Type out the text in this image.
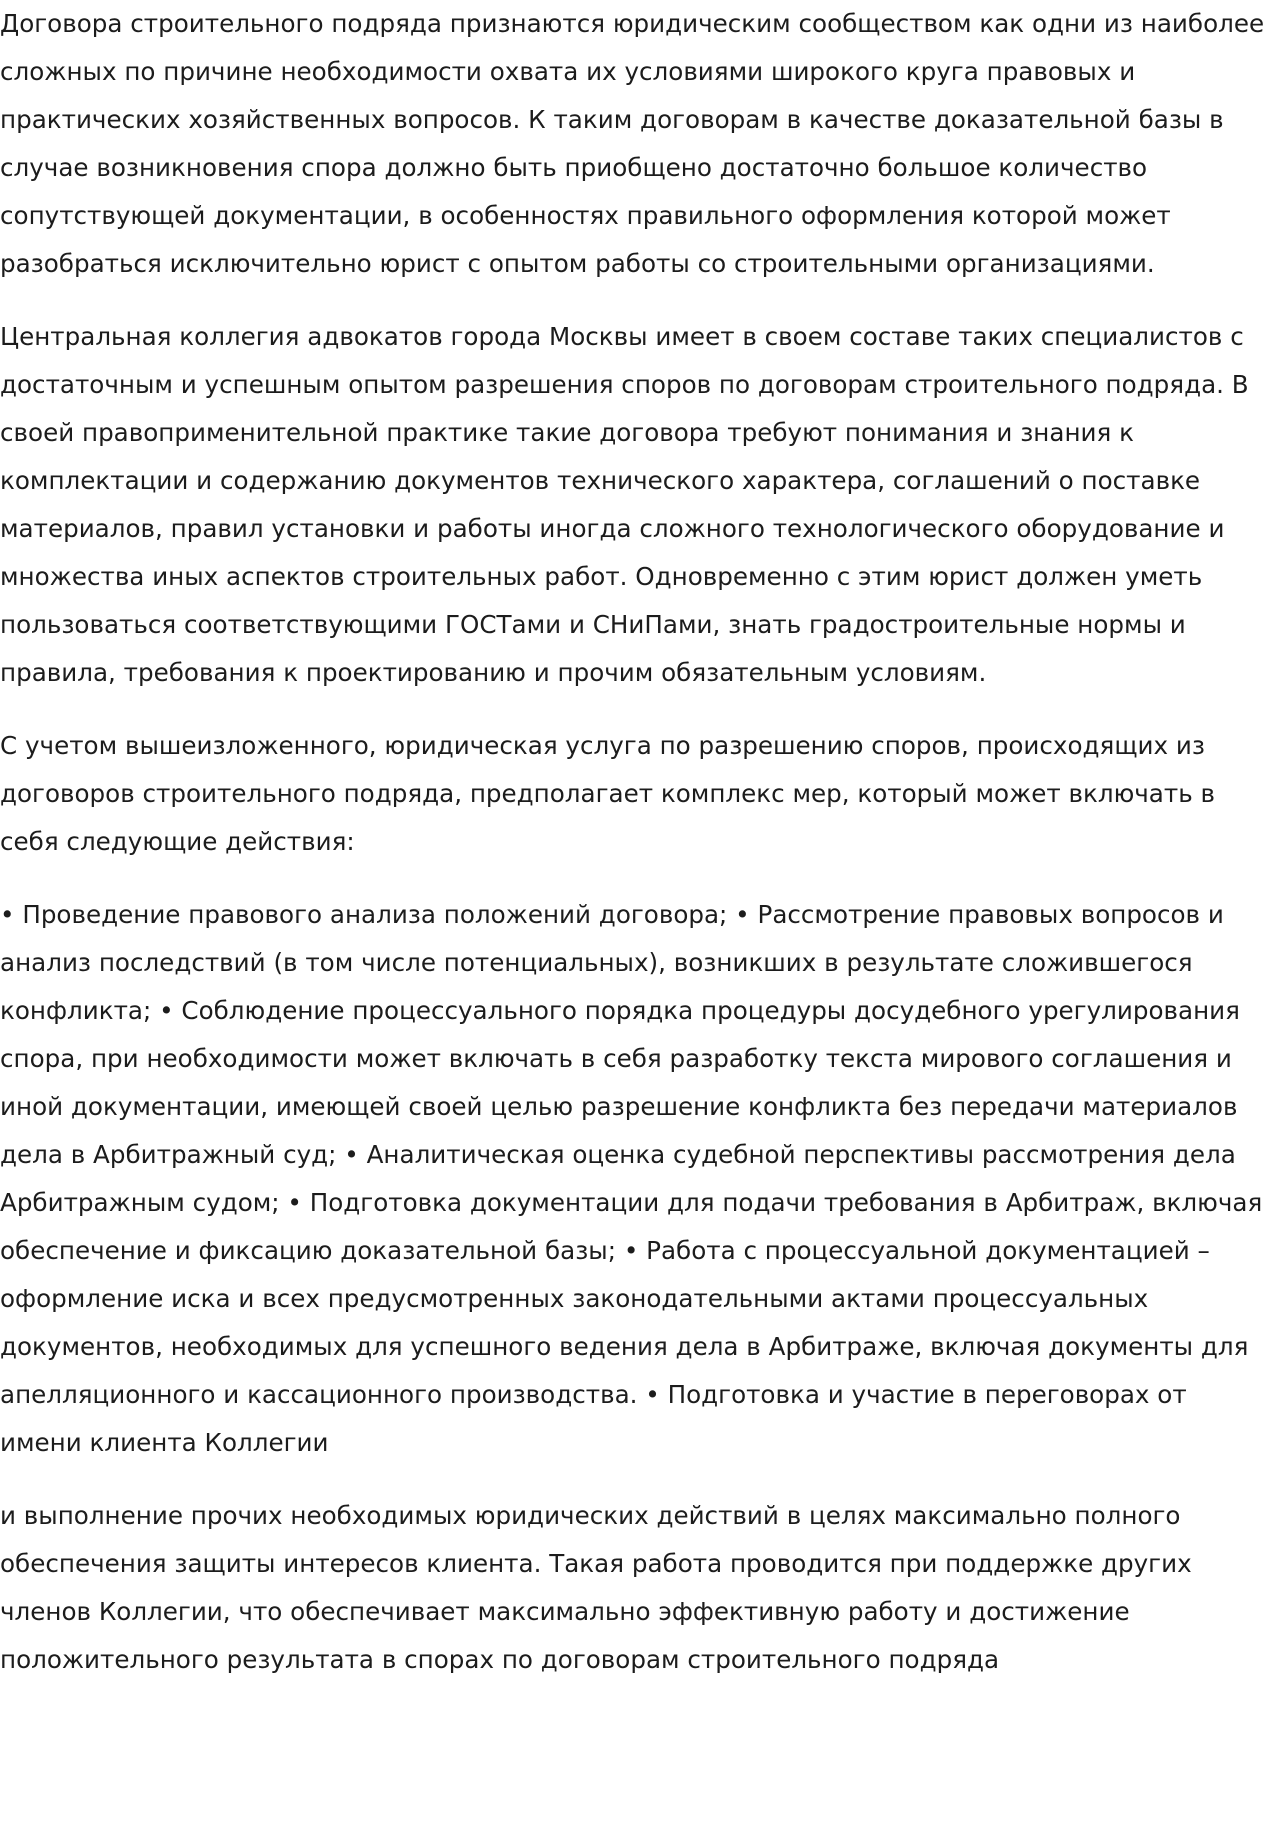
Договора строительного подряда признаются юридическим сообществом как одни из наиболее сложных по причине необходимости охвата их условиями широкого круга правовых и практических хозяйственных вопросов. К таким договорам в качестве доказательной базы в случае возникновения спора должно быть приобщено достаточно большое количество сопутствующей документации, в особенностях правильного оформления которой может разобраться исключительно юрист с опытом работы со строительными организациями.

Центральная коллегия адвокатов города Москвы имеет в своем составе таких специалистов с достаточным и успешным опытом разрешения споров по договорам строительного подряда. В своей правоприменительной практике такие договора требуют понимания и знания к комплектации и содержанию документов технического характера, соглашений о поставке материалов, правил установки и работы иногда сложного технологического оборудование и множества иных аспектов строительных работ. Одновременно с этим юрист должен уметь пользоваться соответствующими ГОСТами и СНиПами, знать градостроительные нормы и правила, требования к проектированию и прочим обязательным условиям.

С учетом вышеизложенного, юридическая услуга по разрешению споров, происходящих из договоров строительного подряда, предполагает комплекс мер, который может включать в себя следующие действия:

• Проведение правового анализа положений договора; • Рассмотрение правовых вопросов и анализ последствий (в том числе потенциальных), возникших в результате сложившегося конфликта; • Соблюдение процессуального порядка процедуры досудебного урегулирования спора, при необходимости может включать в себя разработку текста мирового соглашения и иной документации, имеющей своей целью разрешение конфликта без передачи материалов дела в Арбитражный суд; • Аналитическая оценка судебной перспективы рассмотрения дела Арбитражным судом; • Подготовка документации для подачи требования в Арбитраж, включая обеспечение и фиксацию доказательной базы; • Работа с процессуальной документацией – оформление иска и всех предусмотренных законодательными актами процессуальных документов, необходимых для успешного ведения дела в Арбитраже, включая документы для апелляционного и кассационного производства. • Подготовка и участие в переговорах от имени клиента Коллегии

и выполнение прочих необходимых юридических действий в целях максимально полного обеспечения защиты интересов клиента. Такая работа проводится при поддержке других членов Коллегии, что обеспечивает максимально эффективную работу и достижение положительного результата в спорах по договорам строительного подряда
